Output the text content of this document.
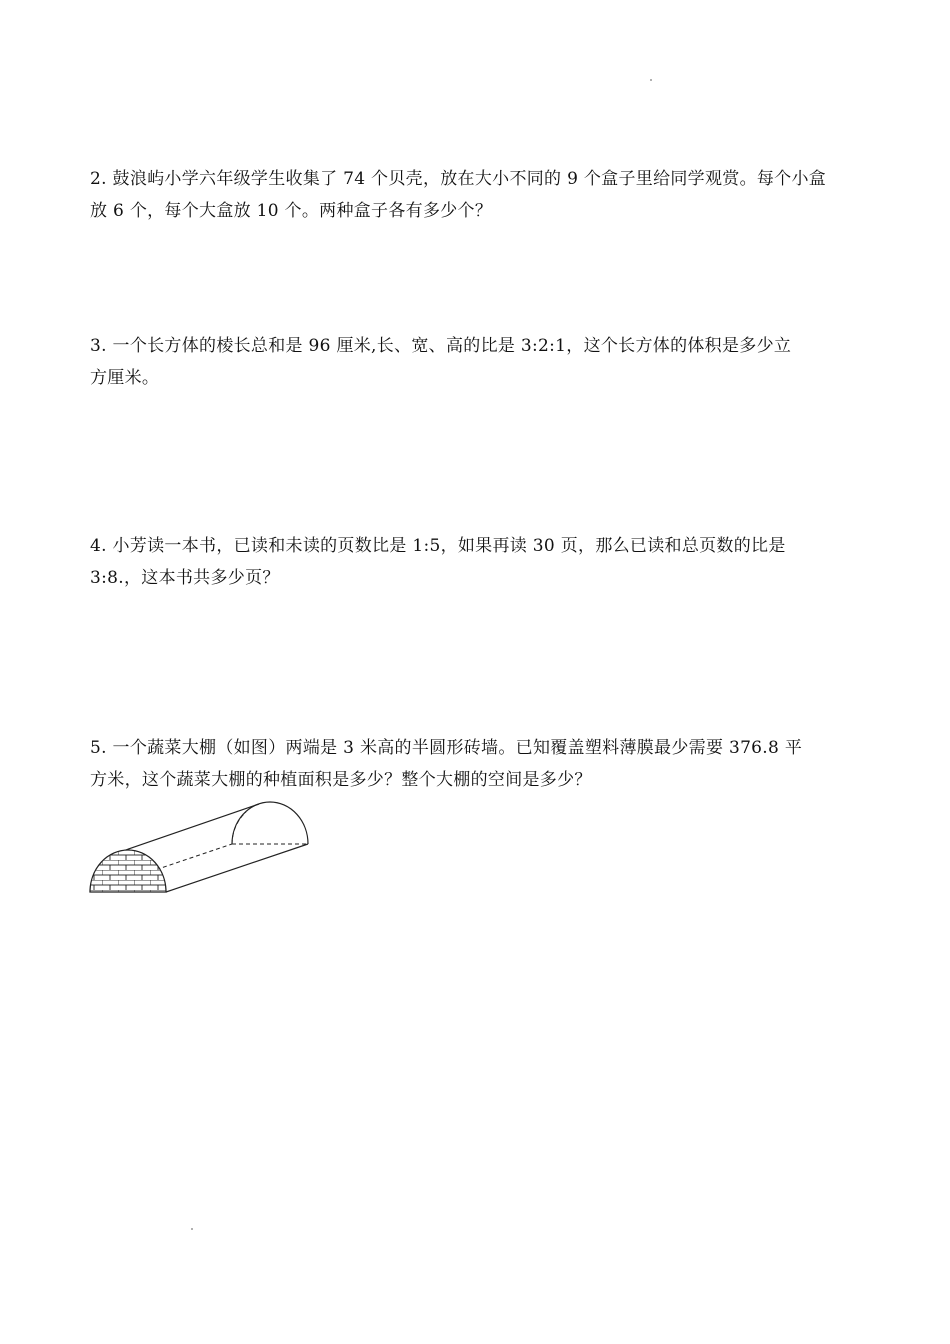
2. 鼓浪屿小学六年级学生收集了 74 个贝壳，放在大小不同的 9 个盒子里给同学观赏。每个小盒
放 6 个，每个大盒放 10 个。两种盒子各有多少个？
3. 一个长方体的棱长总和是 96 厘米,长、宽、高的比是 3:2:1，这个长方体的体积是多少立
方厘米。
4. 小芳读一本书，已读和未读的页数比是 1:5，如果再读 30 页，那么已读和总页数的比是
3:8.，这本书共多少页？
5. 一个蔬菜大棚（如图）两端是 3 米高的半圆形砖墙。已知覆盖塑料薄膜最少需要 376.8 平
方米，这个蔬菜大棚的种植面积是多少？整个大棚的空间是多少？
